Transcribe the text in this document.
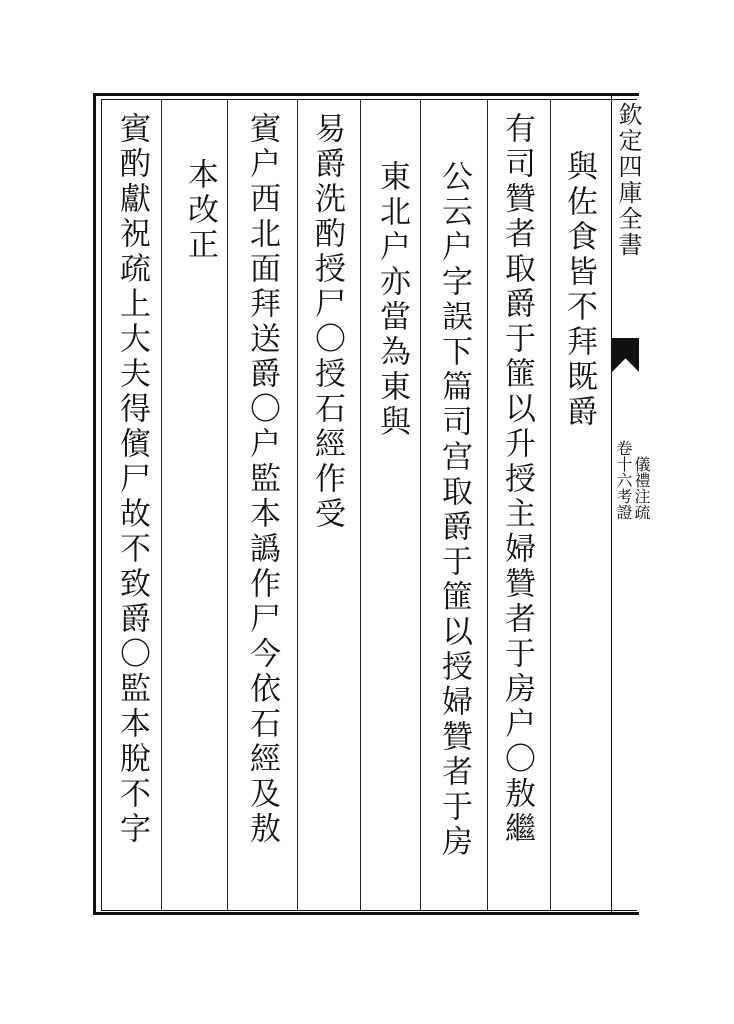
賓酌獻祝疏上大夫得儐尸故不致爵〇監本脫不字 本改正 賓户西北面拜送爵〇户監本譌作尸今依石經及敖 易爵洗酌授尸〇授石經作受 東北户亦當為東與 公云户字誤下篇司宫取爵于篚以授婦贊者于房 有司贊者取爵于篚以升授主婦贊者于房户〇敖繼 與佐食皆不拜既爵 欽定四庫全書
卷十六考證儀禮注疏
